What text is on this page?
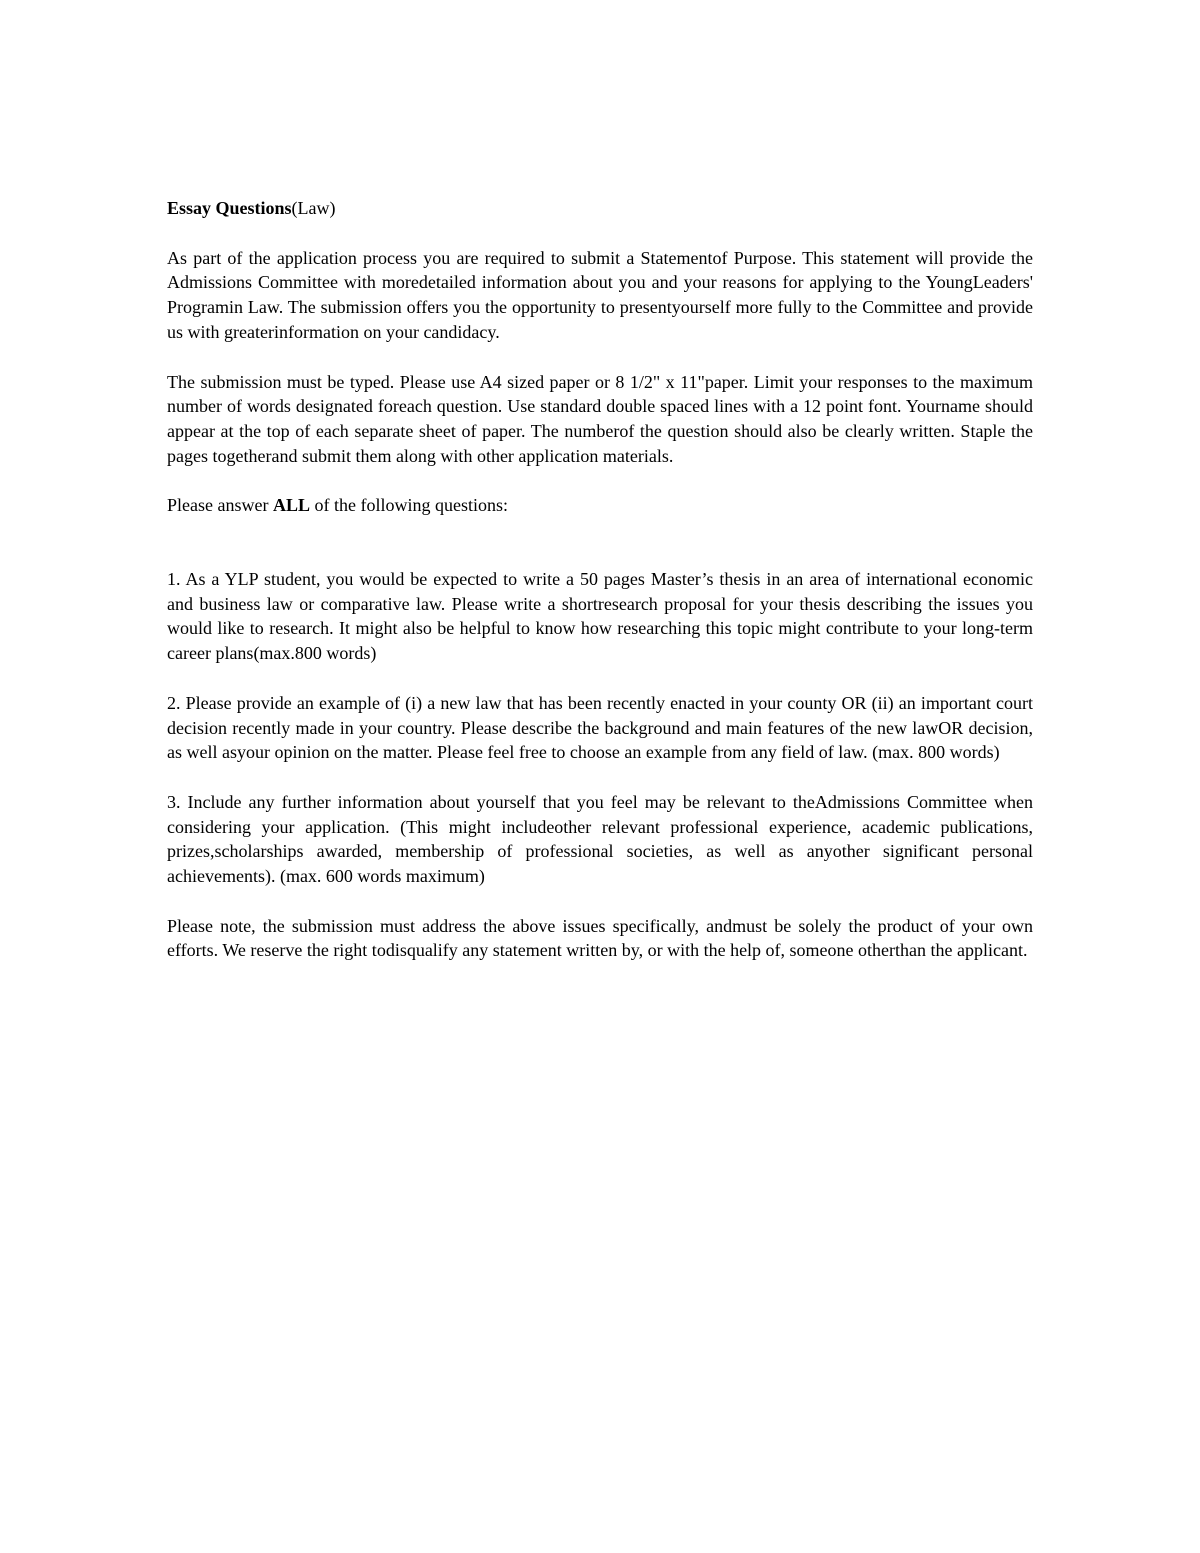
Essay Questions(Law)

As part of the application process you are required to submit a Statementof Purpose. This statement will provide the Admissions Committee with moredetailed information about you and your reasons for applying to the YoungLeaders' Programin Law. The submission offers you the opportunity to presentyourself more fully to the Committee and provide us with greaterinformation on your candidacy.

The submission must be typed. Please use A4 sized paper or 8 1/2" x 11"paper. Limit your responses to the maximum number of words designated foreach question. Use standard double spaced lines with a 12 point font. Yourname should appear at the top of each separate sheet of paper. The numberof the question should also be clearly written. Staple the pages togetherand submit them along with other application materials.

Please answer ALL of the following questions:

1. As a YLP student, you would be expected to write a 50 pages Master’s thesis in an area of international economic and business law or comparative law. Please write a shortresearch proposal for your thesis describing the issues you would like to research. It might also be helpful to know how researching this topic might contribute to your long-term career plans(max.800 words)

2. Please provide an example of (i) a new law that has been recently enacted in your county OR (ii) an important court decision recently made in your country. Please describe the background and main features of the new lawOR decision, as well asyour opinion on the matter. Please feel free to choose an example from any field of law. (max. 800 words)

3. Include any further information about yourself that you feel may be relevant to theAdmissions Committee when considering your application. (This might includeother relevant professional experience, academic publications, prizes,scholarships awarded, membership of professional societies, as well as anyother significant personal achievements). (max. 600 words maximum)

Please note, the submission must address the above issues specifically, andmust be solely the product of your own efforts. We reserve the right todisqualify any statement written by, or with the help of, someone otherthan the applicant.
